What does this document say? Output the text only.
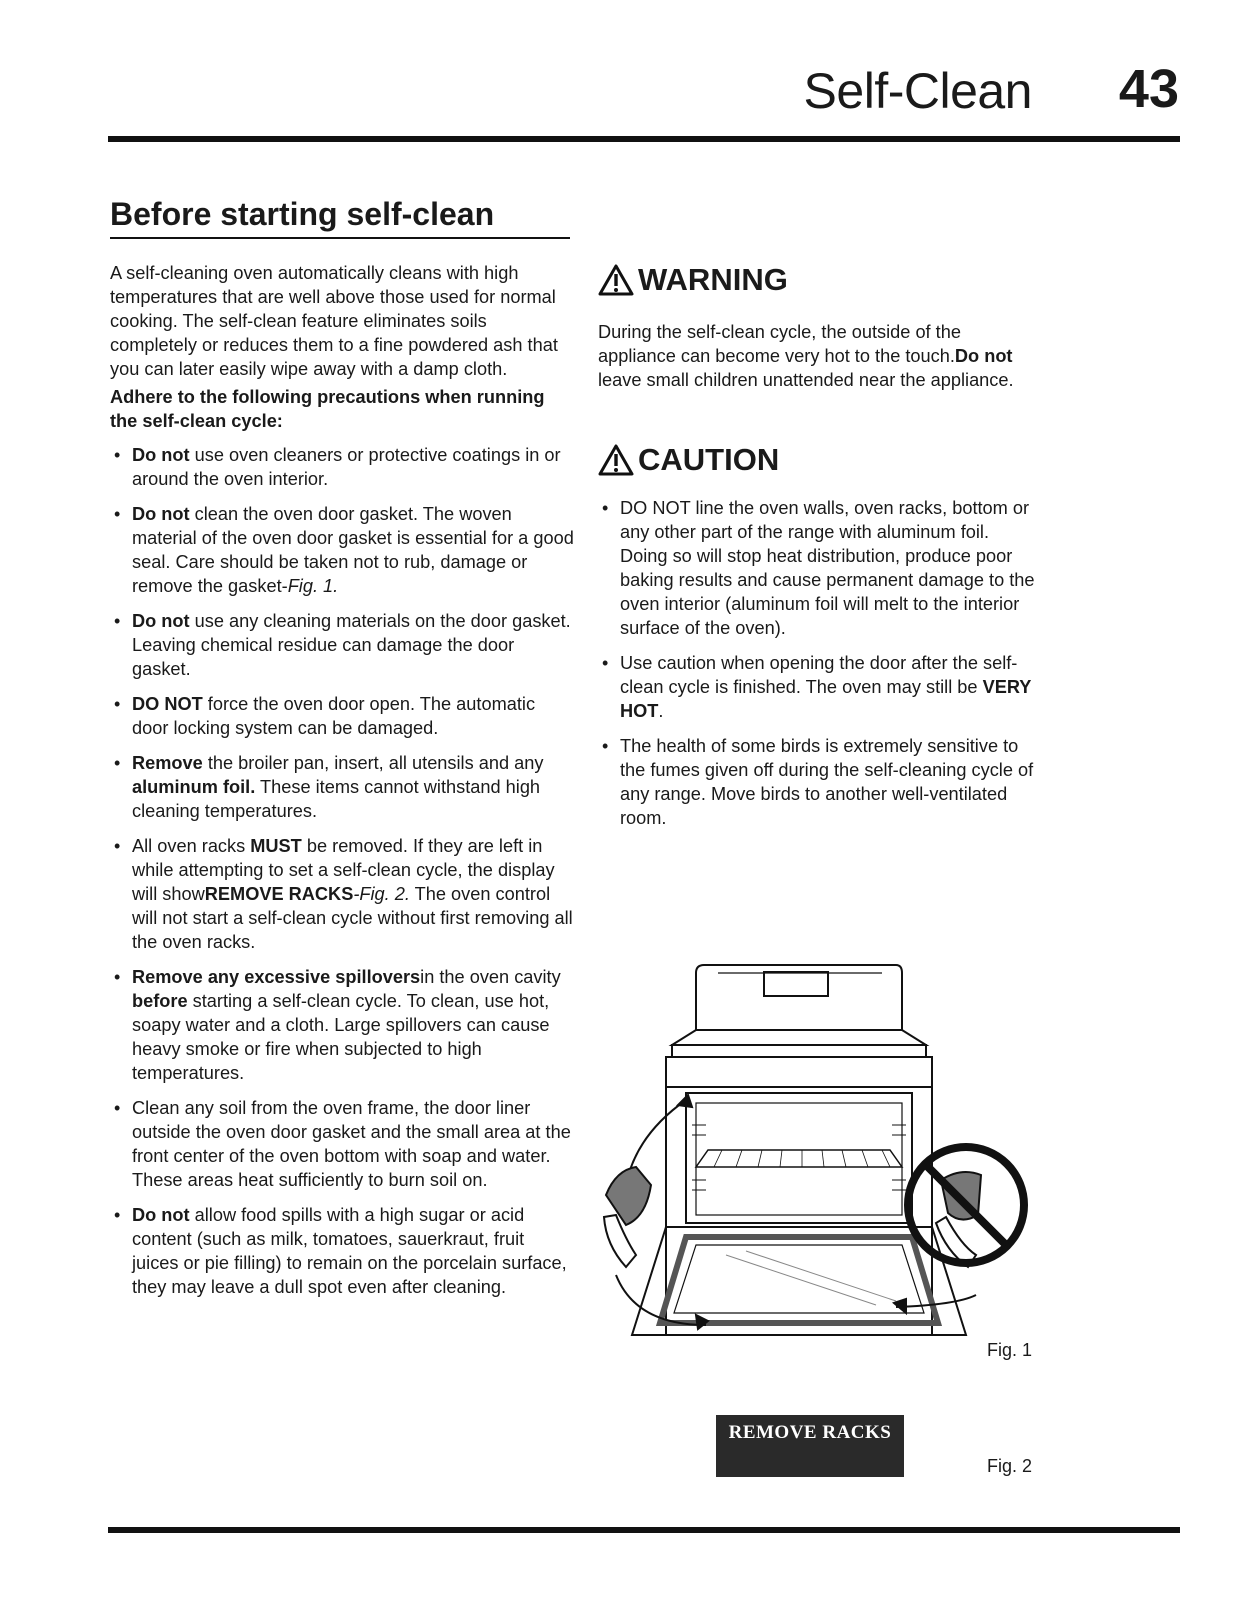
Self-Clean 43
Before starting self-clean

A self-cleaning oven automatically cleans with high temperatures that are well above those used for normal cooking. The self-clean feature eliminates soils completely or reduces them to a fine powdered ash that you can later easily wipe away with a damp cloth.

Adhere to the following precautions when running the self-clean cycle:

• Do not use oven cleaners or protective coatings in or around the oven interior.
• Do not clean the oven door gasket. The woven material of the oven door gasket is essential for a good seal. Care should be taken not to rub, damage or remove the gasket-Fig. 1.
• Do not use any cleaning materials on the door gasket. Leaving chemical residue can damage the door gasket.
• DO NOT force the oven door open. The automatic door locking system can be damaged.
• Remove the broiler pan, insert, all utensils and any aluminum foil. These items cannot withstand high cleaning temperatures.
• All oven racks MUST be removed. If they are left in while attempting to set a self-clean cycle, the display will showREMOVE RACKS-Fig. 2. The oven control will not start a self-clean cycle without first removing all the oven racks.
• Remove any excessive spilloversin the oven cavity before starting a self-clean cycle. To clean, use hot, soapy water and a cloth. Large spillovers can cause heavy smoke or fire when subjected to high temperatures.
• Clean any soil from the oven frame, the door liner outside the oven door gasket and the small area at the front center of the oven bottom with soap and water. These areas heat sufficiently to burn soil on.
• Do not allow food spills with a high sugar or acid content (such as milk, tomatoes, sauerkraut, fruit juices or pie filling) to remain on the porcelain surface, they may leave a dull spot even after cleaning.
WARNING

During the self-clean cycle, the outside of the appliance can become very hot to the touch.Do not leave small children unattended near the appliance.

CAUTION
• DO NOT line the oven walls, oven racks, bottom or any other part of the range with aluminum foil. Doing so will stop heat distribution, produce poor baking results and cause permanent damage to the oven interior (aluminum foil will melt to the interior surface of the oven).
• Use caution when opening the door after the self-clean cycle is finished. The oven may still be VERY HOT.
• The health of some birds is extremely sensitive to the fumes given off during the self-cleaning cycle of any range. Move birds to another well-ventilated room.
Fig. 1
REMOVE RACKS
Fig. 2
